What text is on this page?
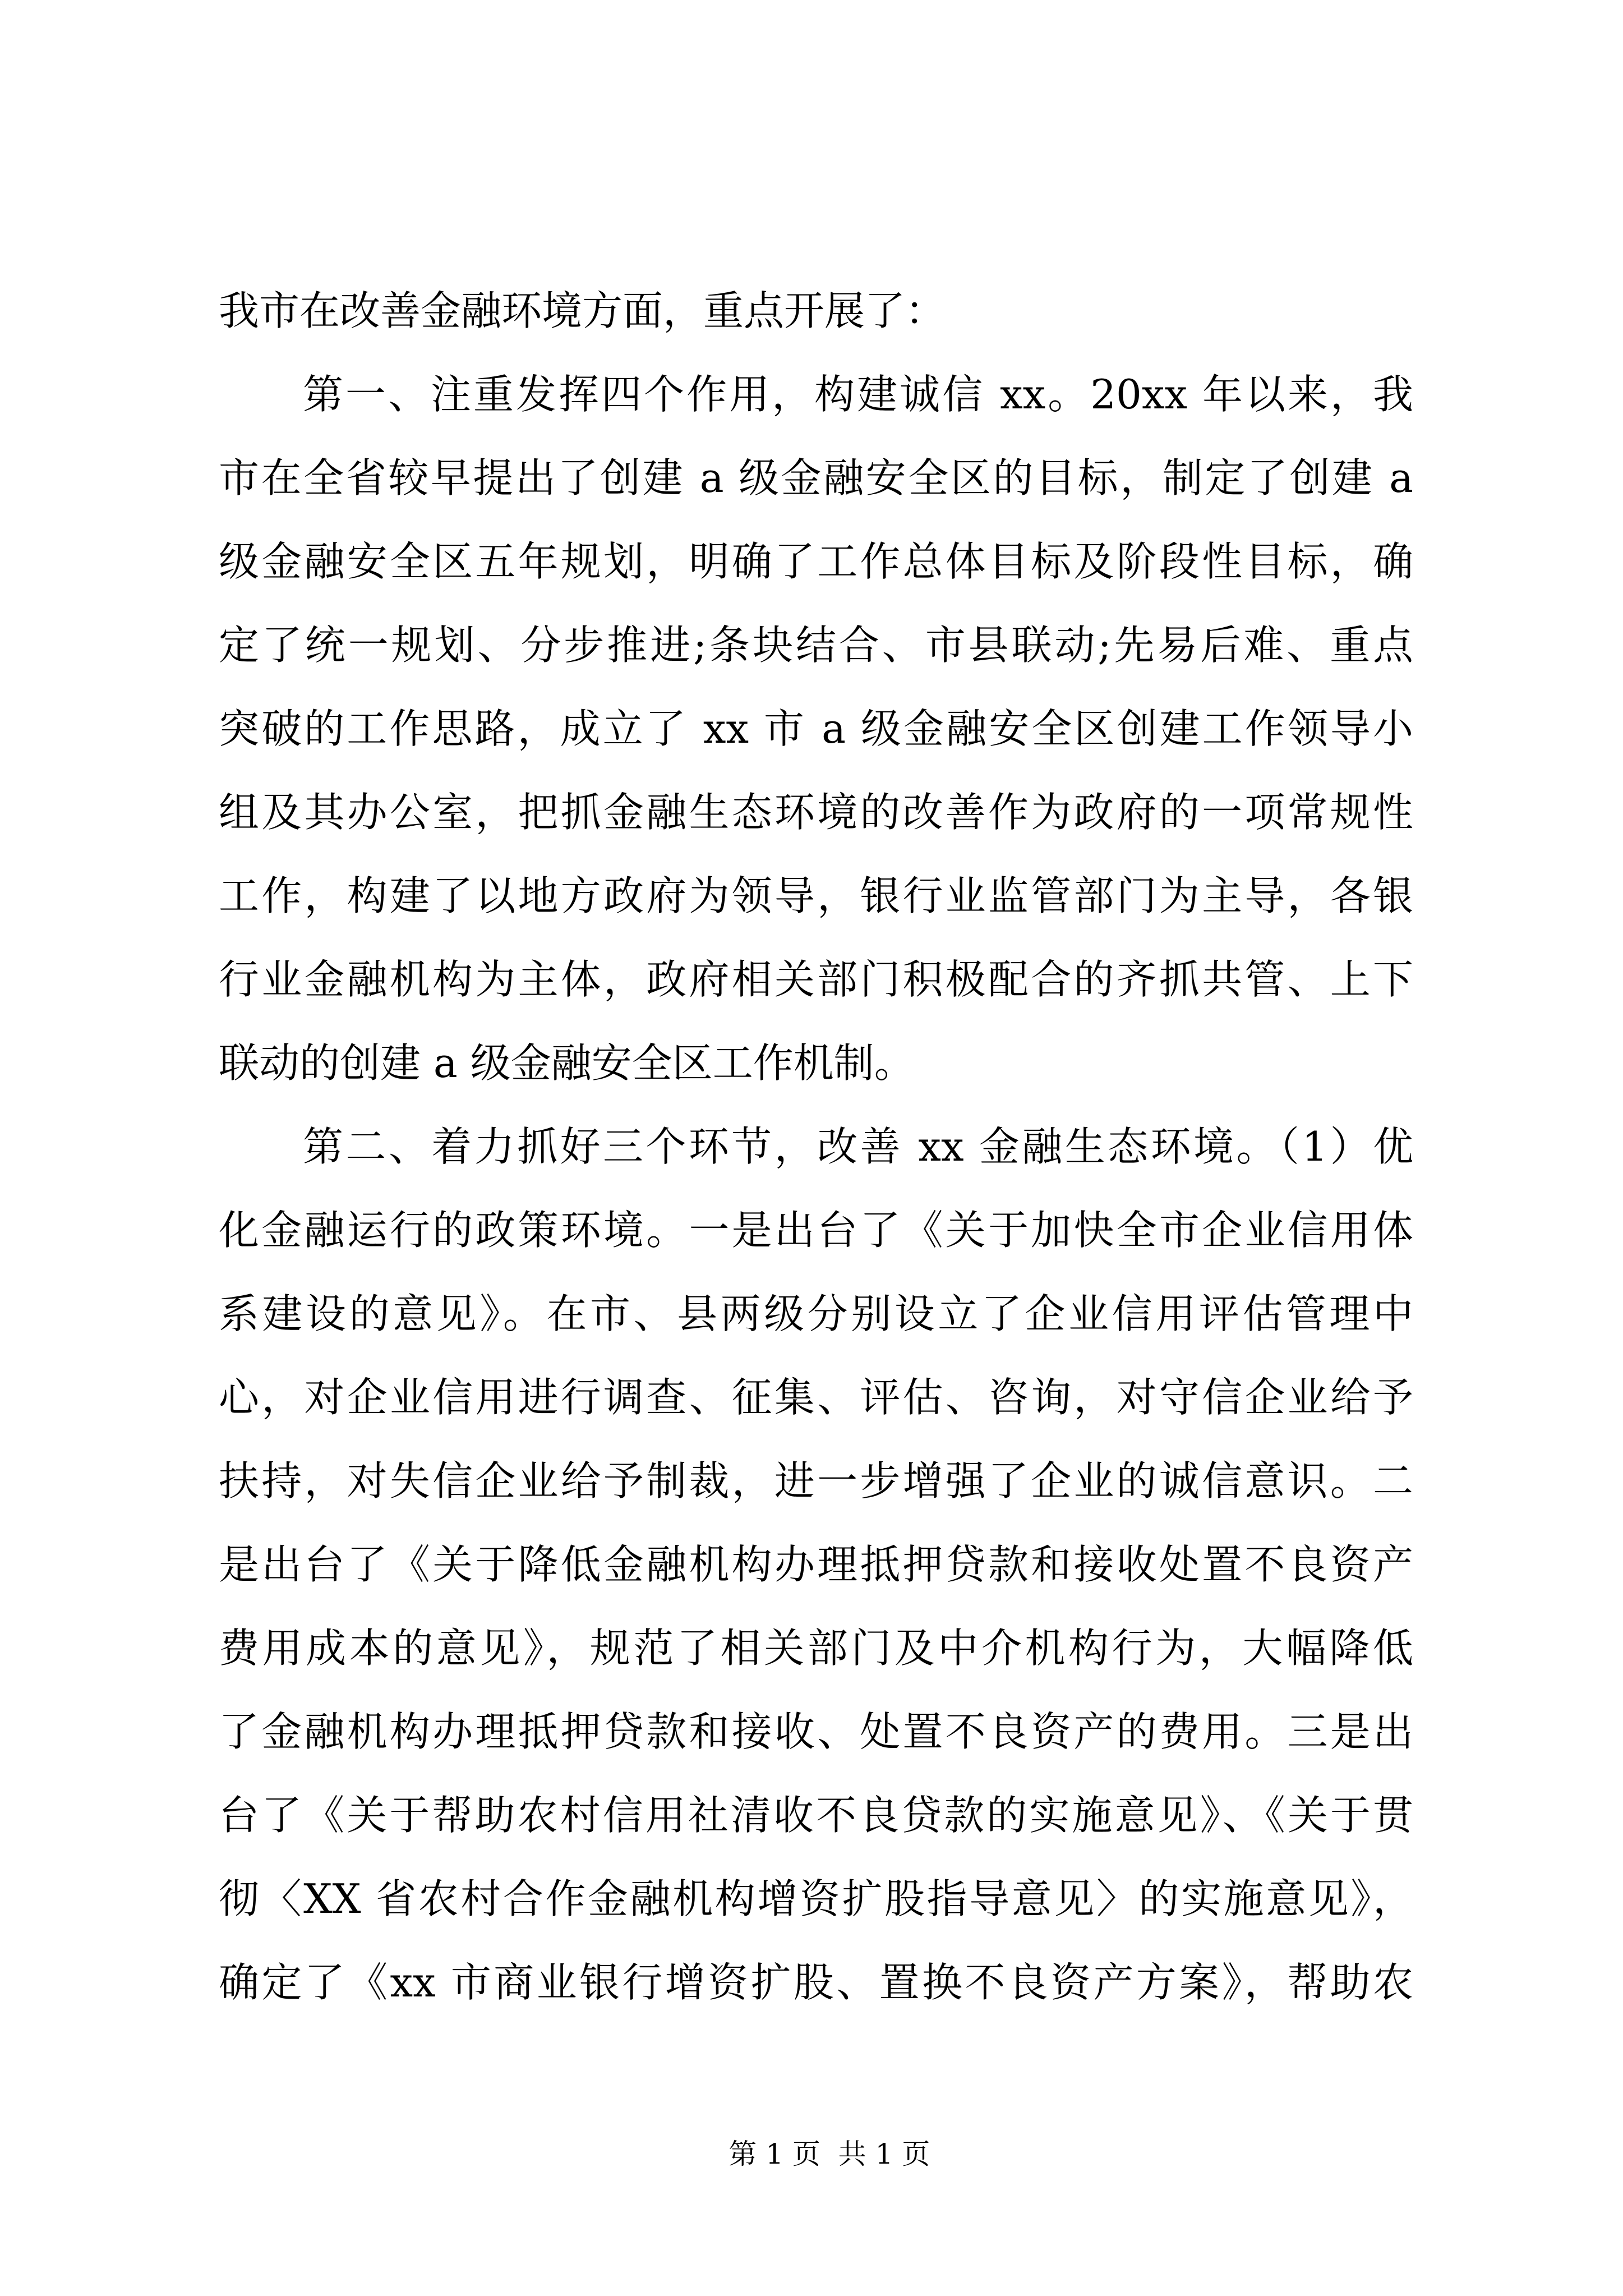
我市在改善金融环境方面，重点开展了：
第一、注重发挥四个作用，构建诚信 xx。20xx 年以来，我
市在全省较早提出了创建 a 级金融安全区的目标，制定了创建 a
级金融安全区五年规划，明确了工作总体目标及阶段性目标，确
定了统一规划、分步推进;条块结合、市县联动;先易后难、重点
突破的工作思路，成立了 xx 市 a 级金融安全区创建工作领导小
组及其办公室，把抓金融生态环境的改善作为政府的一项常规性
工作，构建了以地方政府为领导，银行业监管部门为主导，各银
行业金融机构为主体，政府相关部门积极配合的齐抓共管、上下
联动的创建 a 级金融安全区工作机制。
第二、着力抓好三个环节，改善 xx 金融生态环境。（1）优
化金融运行的政策环境。一是出台了《关于加快全市企业信用体
系建设的意见》。在市、县两级分别设立了企业信用评估管理中
心，对企业信用进行调查、征集、评估、咨询，对守信企业给予
扶持，对失信企业给予制裁，进一步增强了企业的诚信意识。二
是出台了《关于降低金融机构办理抵押贷款和接收处置不良资产
费用成本的意见》，规范了相关部门及中介机构行为，大幅降低
了金融机构办理抵押贷款和接收、处置不良资产的费用。三是出
台了《关于帮助农村信用社清收不良贷款的实施意见》、《关于贯
彻〈XX 省农村合作金融机构增资扩股指导意见〉的实施意见》，
确定了《xx 市商业银行增资扩股、置换不良资产方案》，帮助农

第 1 页  共 1 页
